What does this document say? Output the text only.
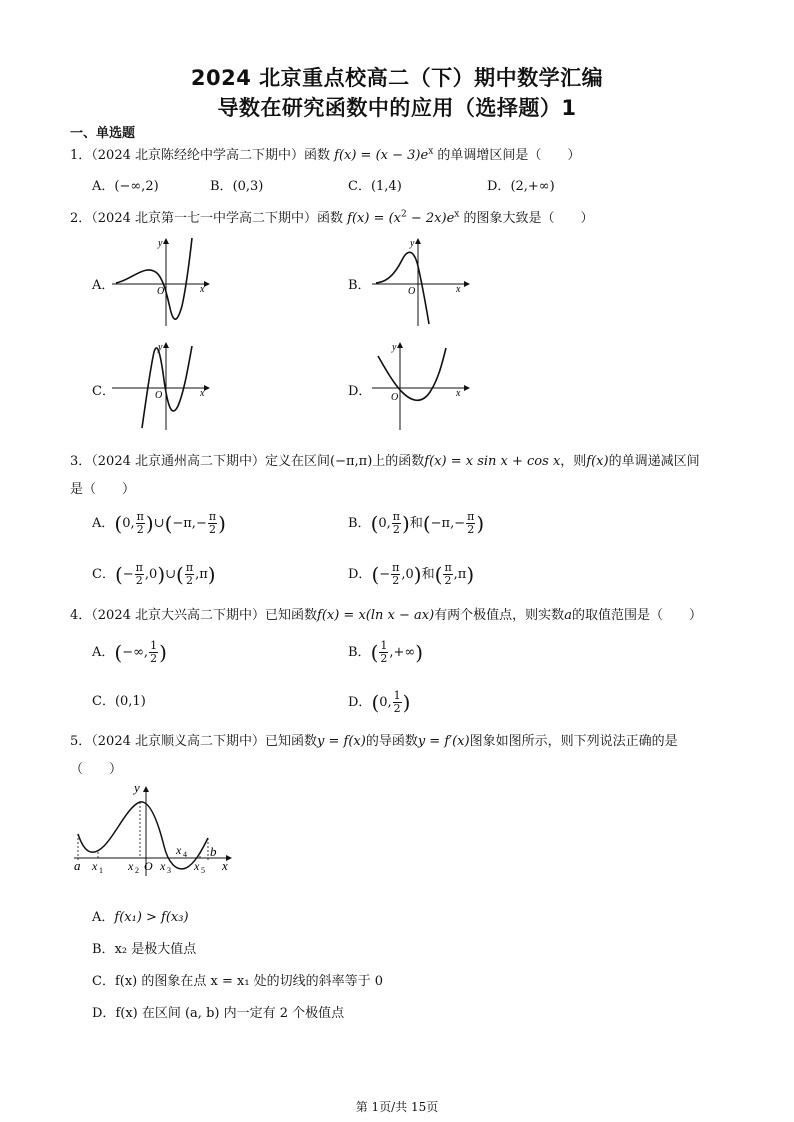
2024 北京重点校高二（下）期中数学汇编
导数在研究函数中的应用（选择题）1
一、单选题
1．（2024 北京陈经纶中学高二下期中）函数 $f(x) = (x - 3)e^x$ 的单调增区间是（　　）
A．(−∞,2)	B．(0,3)	C．(1,4)	D．(2,+∞)
2．（2024 北京第一七一中学高二下期中）函数 $f(x) = (x^2 - 2x)e^x$ 的图象大致是（　　）
A．	O	x
y
B．	O	x
y
C．	O	x
y
D． O	x
y
3．（2024 北京通州高二下期中）定义在区间(−π,π)上的函数f(x) = x sin x + cos x，则f(x)的单调递减区间
是（　　）
A．(0, $\frac{\pi}{2}$ )∪(−π,− $\frac{\pi}{2}$ )	B．(0, $\frac{\pi}{2}$ )和($-\pi,- \frac{\pi}{2}$ )
C．(− $\frac{\pi}{2}$ ,0)∪( $\frac{\pi}{2} ,\pi$)	D．(− $\frac{\pi}{2} ,0$)和( $\frac{\pi}{2} ,\pi$)
4．（2024 北京大兴高二下期中）已知函数f(x) = x(ln x − ax)有两个极值点，则实数a的取值范围是（　　）
A．(−∞, $\frac{1}{2}$ )	B．( $\frac{1}{2}$ ,+∞)
C．(0,1)	D．(0, $\frac{1}{2}$ )
5．（2024 北京顺义高二下期中）已知函数y = f(x)的导函数y = f′(x)图象如图所示，则下列说法正确的是
（　　）
a x 1 x 2 O x 3
x 4
x 5
b
x
y
A．f(x₁) > f(x₃)
B．x₂ 是极大值点
C．f(x) 的图象在点 x = x₁ 处的切线的斜率等于 0
D．f(x) 在区间 (a, b) 内一定有 2 个极值点
第 1页/共 15页
